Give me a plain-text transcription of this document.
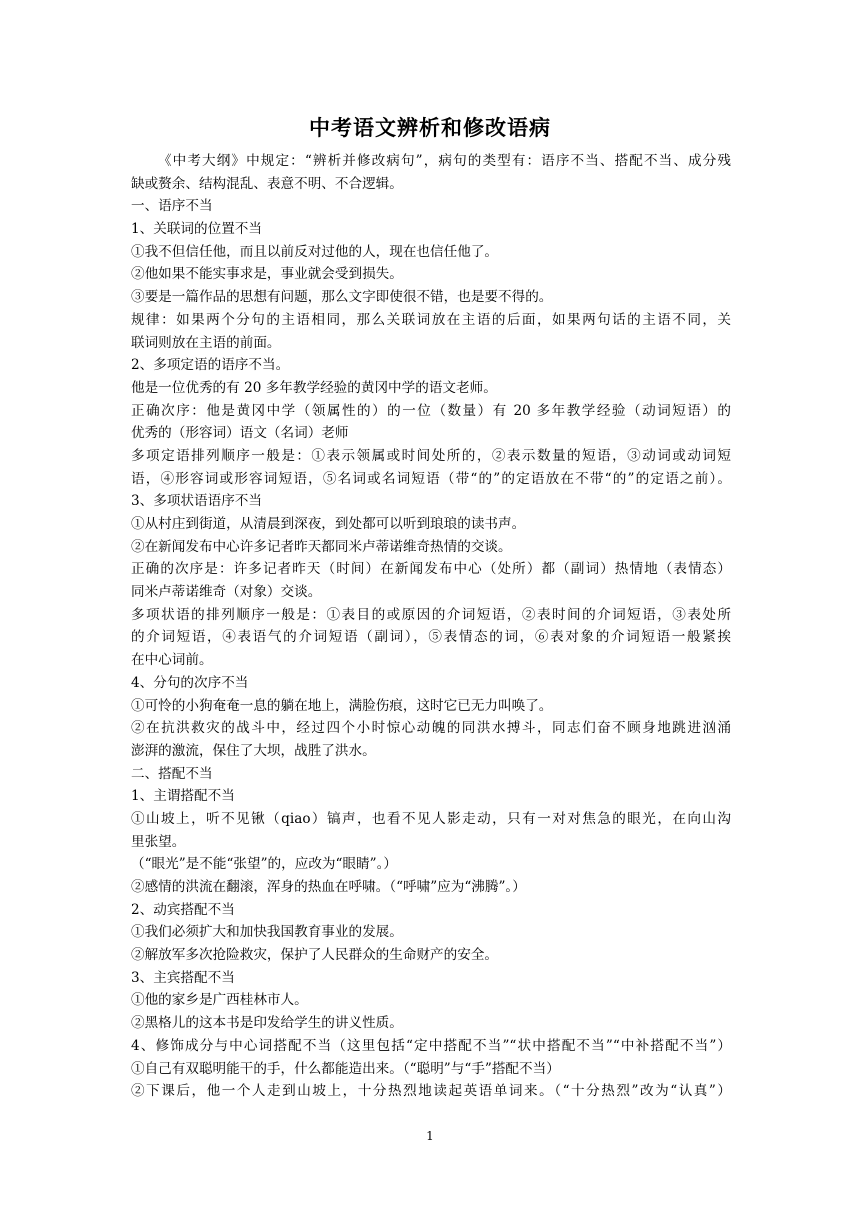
中考语文辨析和修改语病
《中考大纲》中规定：“辨析并修改病句”，病句的类型有：语序不当、搭配不当、成分残
缺或赘余、结构混乱、表意不明、不合逻辑。
一、语序不当
1、关联词的位置不当
①我不但信任他，而且以前反对过他的人，现在也信任他了。
②他如果不能实事求是，事业就会受到损失。
③要是一篇作品的思想有问题，那么文字即使很不错，也是要不得的。
规律：如果两个分句的主语相同，那么关联词放在主语的后面，如果两句话的主语不同，关
联词则放在主语的前面。
2、多项定语的语序不当。
他是一位优秀的有 20 多年教学经验的黄冈中学的语文老师。
正确次序：他是黄冈中学（领属性的）的一位（数量）有 20 多年教学经验（动词短语）的
优秀的（形容词）语文（名词）老师
多项定语排列顺序一般是：①表示领属或时间处所的，②表示数量的短语，③动词或动词短
语，④形容词或形容词短语，⑤名词或名词短语（带“的”的定语放在不带“的”的定语之前）。
3、多项状语语序不当
①从村庄到街道，从清晨到深夜，到处都可以听到琅琅的读书声。
②在新闻发布中心许多记者昨天都同米卢蒂诺维奇热情的交谈。
正确的次序是：许多记者昨天（时间）在新闻发布中心（处所）都（副词）热情地（表情态）
同米卢蒂诺维奇（对象）交谈。
多项状语的排列顺序一般是：①表目的或原因的介词短语，②表时间的介词短语，③表处所
的介词短语，④表语气的介词短语（副词），⑤表情态的词，⑥表对象的介词短语一般紧挨
在中心词前。
4、分句的次序不当
①可怜的小狗奄奄一息的躺在地上，满脸伤痕，这时它已无力叫唤了。
②在抗洪救灾的战斗中，经过四个小时惊心动魄的同洪水搏斗，同志们奋不顾身地跳进汹涌
澎湃的激流，保住了大坝，战胜了洪水。
二、搭配不当
1、主谓搭配不当
①山坡上，听不见锹（qiao）镐声，也看不见人影走动，只有一对对焦急的眼光，在向山沟
里张望。
（“眼光”是不能“张望”的，应改为“眼睛”。）
②感情的洪流在翻滚，浑身的热血在呼啸。（“呼啸”应为“沸腾”。）
2、动宾搭配不当
①我们必须扩大和加快我国教育事业的发展。
②解放军多次抢险救灾，保护了人民群众的生命财产的安全。
3、主宾搭配不当
①他的家乡是广西桂林市人。
②黑格儿的这本书是印发给学生的讲义性质。
4、修饰成分与中心词搭配不当（这里包括“定中搭配不当”“状中搭配不当”“中补搭配不当”）
①自己有双聪明能干的手，什么都能造出来。（“聪明”与“手”搭配不当）
②下课后，他一个人走到山坡上，十分热烈地读起英语单词来。（“十分热烈”改为“认真”）
1
